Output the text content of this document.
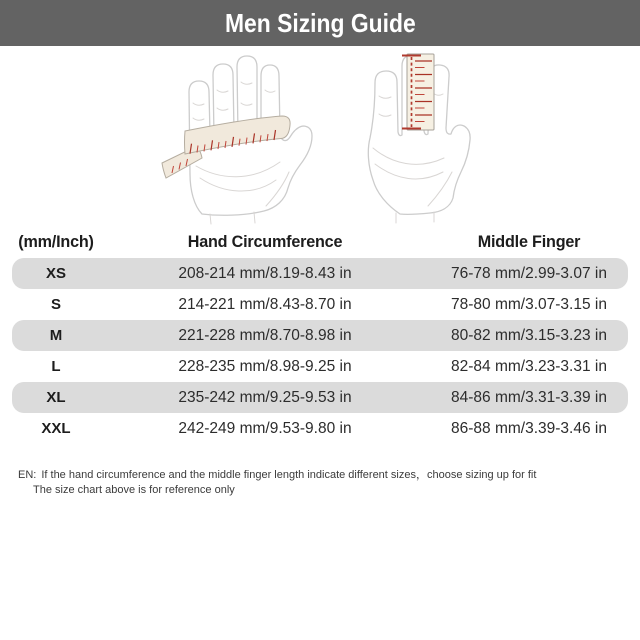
Men Sizing Guide
(mm/Inch)	Hand Circumference	Middle Finger
XS	208-214 mm/8.19-8.43 in	76-78 mm/2.99-3.07 in
S	214-221 mm/8.43-8.70 in	78-80 mm/3.07-3.15 in
M	221-228 mm/8.70-8.98 in	80-82 mm/3.15-3.23 in
L	228-235 mm/8.98-9.25 in	82-84 mm/3.23-3.31 in
XL	235-242 mm/9.25-9.53 in	84-86 mm/3.31-3.39 in
XXL	242-249 mm/9.53-9.80 in	86-88 mm/3.39-3.46 in
EN: If the hand circumference and the middle finger length indicate different sizes，choose sizing up for fit
The size chart above is for reference only
